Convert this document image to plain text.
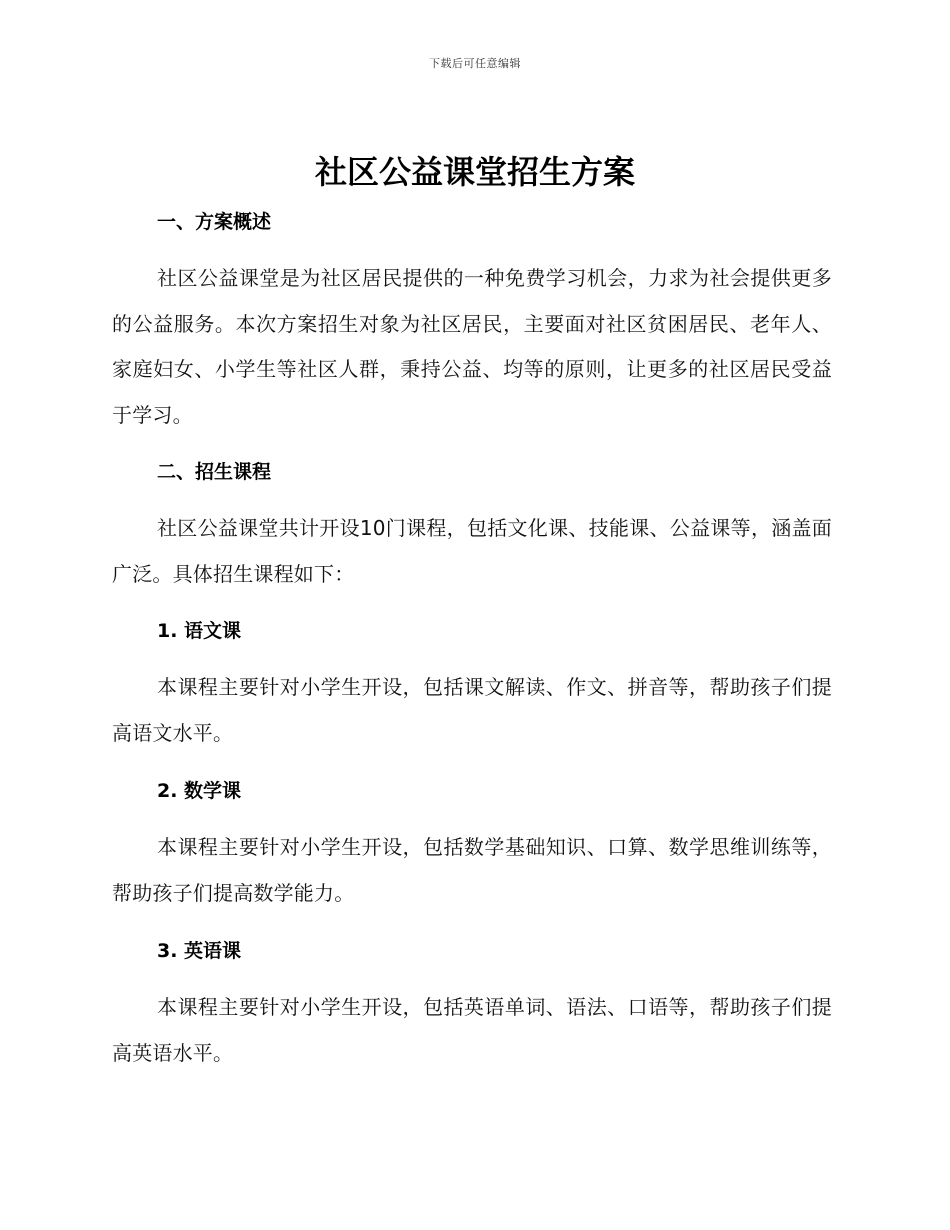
下载后可任意编辑
社区公益课堂招生方案
一、方案概述

社区公益课堂是为社区居民提供的一种免费学习机会，力求为社会提供更多的公益服务。本次方案招生对象为社区居民，主要面对社区贫困居民、老年人、家庭妇女、小学生等社区人群，秉持公益、均等的原则，让更多的社区居民受益于学习。

二、招生课程

社区公益课堂共计开设10门课程，包括文化课、技能课、公益课等，涵盖面广泛。具体招生课程如下：

1. 语文课

本课程主要针对小学生开设，包括课文解读、作文、拼音等，帮助孩子们提高语文水平。

2. 数学课

本课程主要针对小学生开设，包括数学基础知识、口算、数学思维训练等，帮助孩子们提高数学能力。

3. 英语课

本课程主要针对小学生开设，包括英语单词、语法、口语等，帮助孩子们提高英语水平。
